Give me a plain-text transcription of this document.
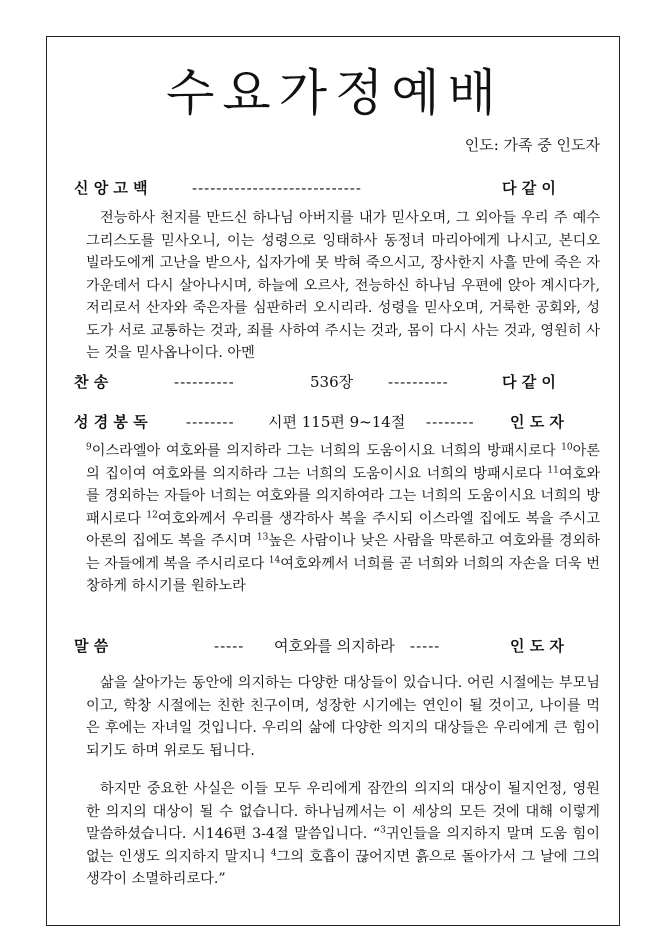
수요가정예배
인도: 가족 중 인도자
신 앙 고 백	----------------------------	다 같 이

전능하사 천지를 만드신 하나님 아버지를 내가 믿사오며, 그 외아들 우리 주 예수 그리스도를 믿사오니, 이는 성령으로 잉태하사 동정녀 마리아에게 나시고, 본디오 빌라도에게 고난을 받으사, 십자가에 못 박혀 죽으시고, 장사한지 사흘 만에 죽은 자 가운데서 다시 살아나시며, 하늘에 오르사, 전능하신 하나님 우편에 앉아 계시다가, 저리로서 산자와 죽은자를 심판하러 오시리라. 성령을 믿사오며, 거룩한 공회와, 성도가 서로 교통하는 것과, 죄를 사하여 주시는 것과, 몸이 다시 사는 것과, 영원히 사는 것을 믿사옵나이다. 아멘

찬 송	----------	536장 ----------	다 같 이
성 경 봉 독	-------- 시편 115편 9~14절 -------- 인 도 자

$^9$이스라엘아 여호와를 의지하라 그는 너희의 도움이시요 너희의 방패시로다 $^{10}$아론의 집이여 여호와를 의지하라 그는 너희의 도움이시요 너희의 방패시로다 $^{11}$여호와를 경외하는 자들아 너희는 여호와를 의지하여라 그는 너희의 도움이시요 너희의 방패시로다 $^{12}$여호와께서 우리를 생각하사 복을 주시되 이스라엘 집에도 복을 주시고 아론의 집에도 복을 주시며 $^{13}$높은 사람이나 낮은 사람을 막론하고 여호와를 경외하는 자들에게 복을 주시리로다 $^{14}$여호와께서 너희를 곧 너희와 너희의 자손을 더욱 번창하게 하시기를 원하노라

말 씀	----- 여호와를 의지하라 -----	인 도 자

삶을 살아가는 동안에 의지하는 다양한 대상들이 있습니다. 어린 시절에는 부모님이고, 학창 시절에는 친한 친구이며, 성장한 시기에는 연인이 될 것이고, 나이를 먹은 후에는 자녀일 것입니다. 우리의 삶에 다양한 의지의 대상들은 우리에게 큰 힘이 되기도 하며 위로도 됩니다.

하지만 중요한 사실은 이들 모두 우리에게 잠깐의 의지의 대상이 될지언정, 영원한 의지의 대상이 될 수 없습니다. 하나님께서는 이 세상의 모든 것에 대해 이렇게 말씀하셨습니다. 시146편 3-4절 말씀입니다. “$^3$귀인들을 의지하지 말며 도움 힘이 없는 인생도 의지하지 말지니 $^4$그의 호흡이 끊어지면 흙으로 돌아가서 그 날에 그의 생각이 소멸하리로다.”
